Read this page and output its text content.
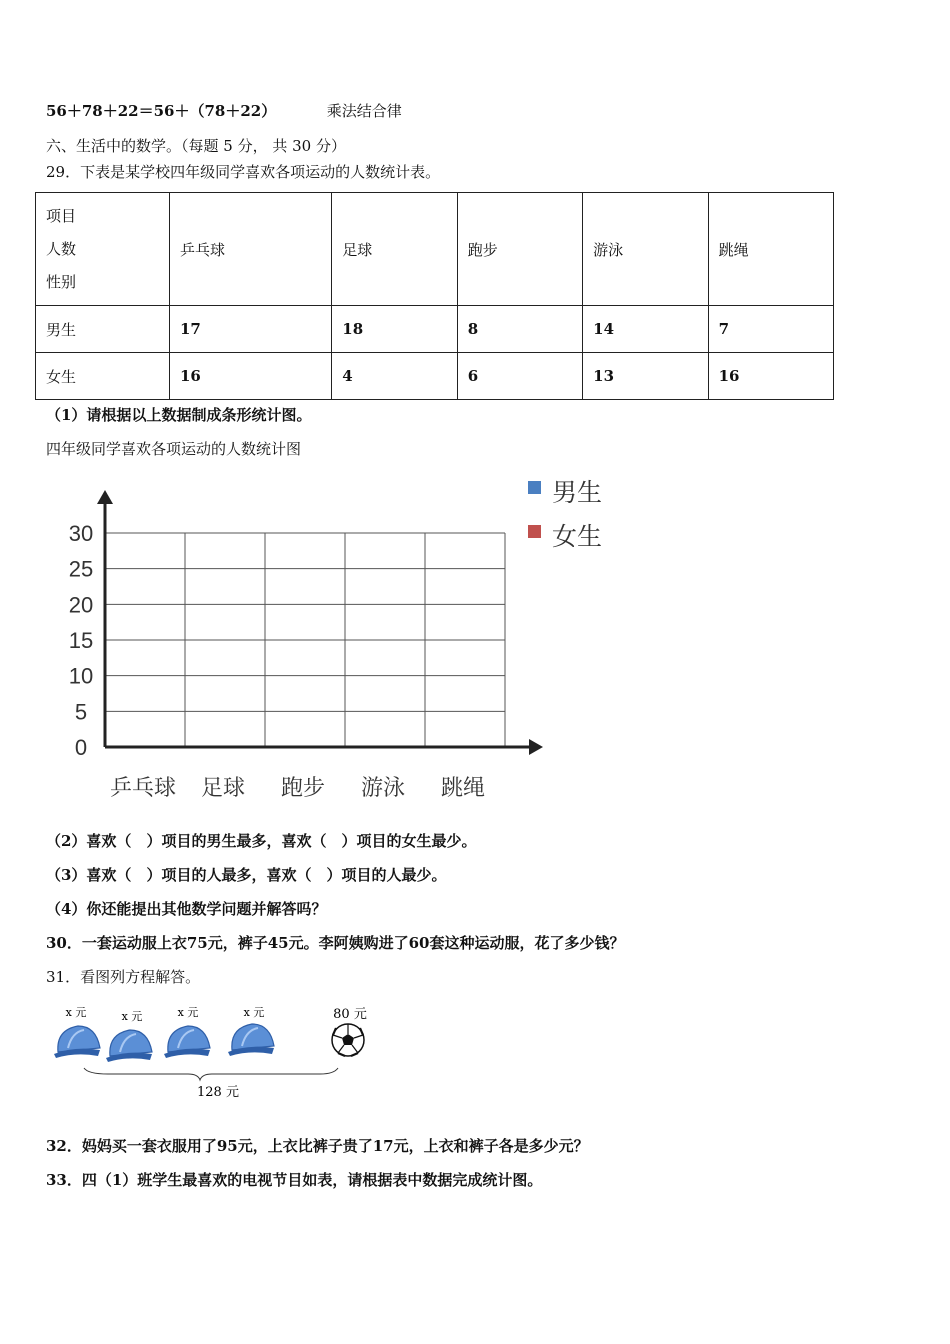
56＋78＋22＝56＋（78＋22）	乘法结合律
六、生活中的数学。（每题 5 分， 共 30 分）
29．下表是某学校四年级同学喜欢各项运动的人数统计表。
项目
人数
性别	乒乓球	足球	跑步	游泳	跳绳
男生	17	18	8	14	7
女生	16	4	6	13	16
（1）请根据以上数据制成条形统计图。
四年级同学喜欢各项运动的人数统计图
0
5
10
15
20
25
30
乒乓球 足球 跑步 游泳 跳绳
男生
女生
（2）喜欢（　）项目的男生最多，喜欢（　）项目的女生最少。
（3）喜欢（　）项目的人最多，喜欢（　）项目的人最少。
（4）你还能提出其他数学问题并解答吗？
30．一套运动服上衣75元，裤子45元。李阿姨购进了60套这种运动服，花了多少钱？
31．看图列方程解答。
x 元	x 元	x 元	x 元	80 元
128 元
32．妈妈买一套衣服用了95元，上衣比裤子贵了17元，上衣和裤子各是多少元？
33．四（1）班学生最喜欢的电视节目如表，请根据表中数据完成统计图。
